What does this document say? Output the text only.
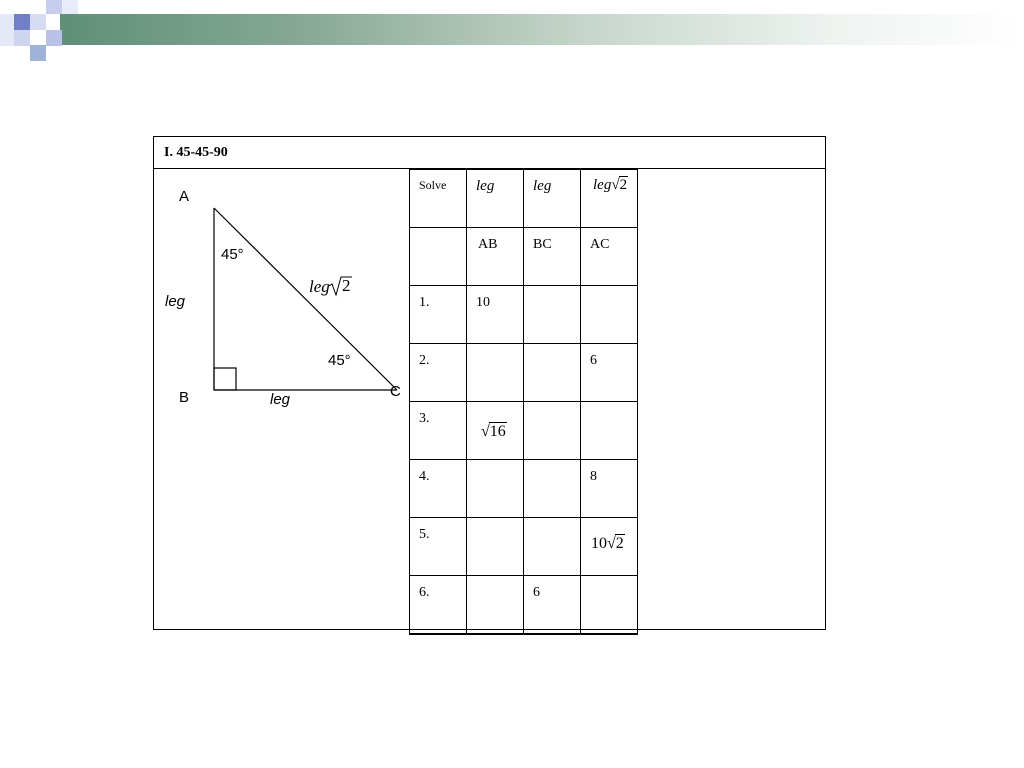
I. 45-45-90
A
B	C
45°
45°
leg
leg
leg 2
Solve	leg	leg	leg√2

	AB	BC	AC

1.	10		

2.			6

3.	√16		

4.			8

5.			10√2

6.		6	
